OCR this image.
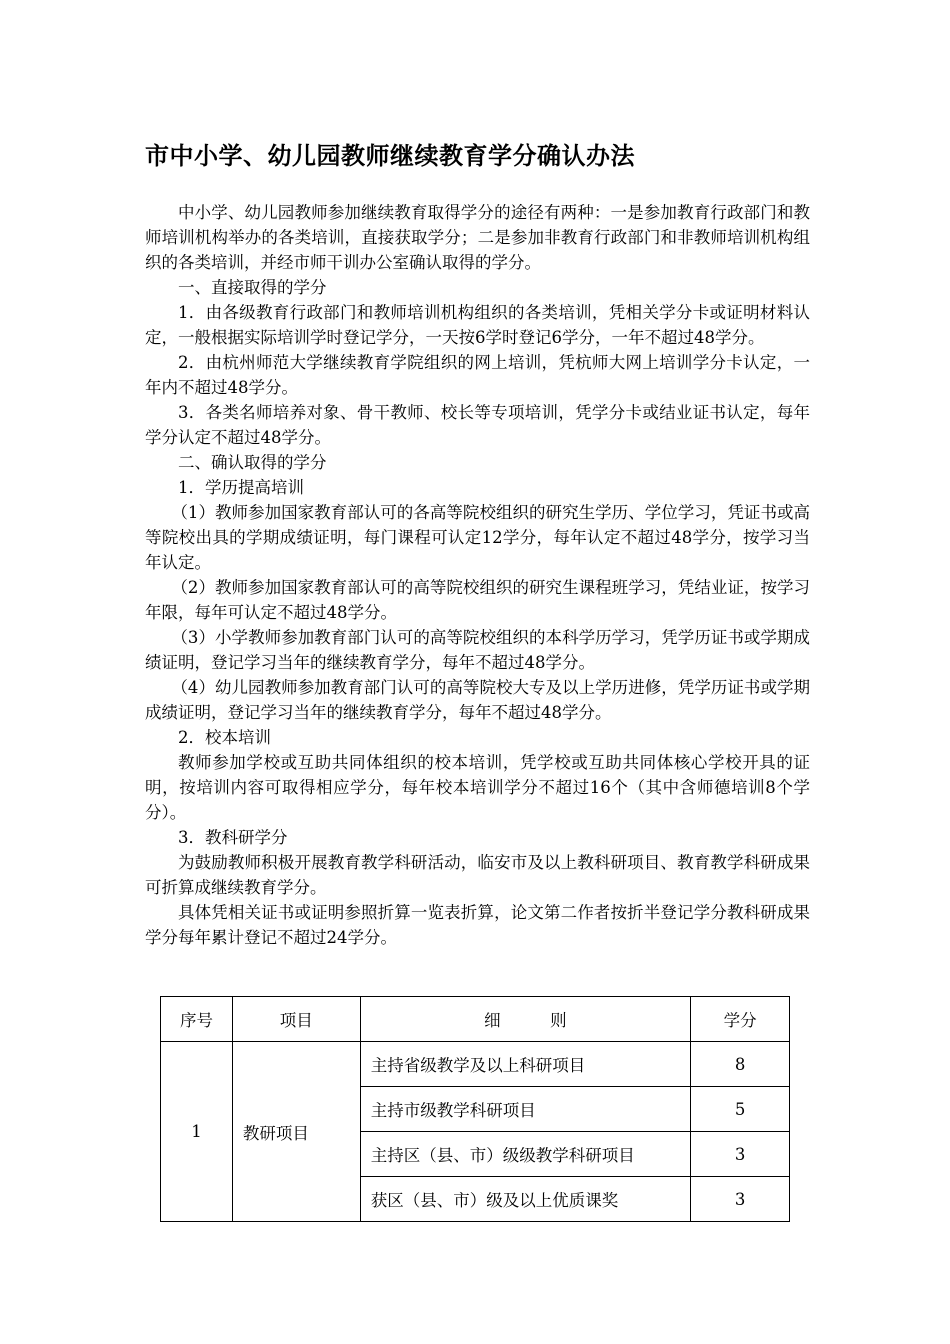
市中小学、幼儿园教师继续教育学分确认办法

中小学、幼儿园教师参加继续教育取得学分的途径有两种：一是参加教育行政部门和教师培训机构举办的各类培训，直接获取学分；二是参加非教育行政部门和非教师培训机构组织的各类培训，并经市师干训办公室确认取得的学分。

一、直接取得的学分

1．由各级教育行政部门和教师培训机构组织的各类培训，凭相关学分卡或证明材料认定，一般根据实际培训学时登记学分，一天按6学时登记6学分，一年不超过48学分。

2．由杭州师范大学继续教育学院组织的网上培训，凭杭师大网上培训学分卡认定，一年内不超过48学分。

3．各类名师培养对象、骨干教师、校长等专项培训，凭学分卡或结业证书认定，每年学分认定不超过48学分。

二、确认取得的学分

1．学历提高培训

（1）教师参加国家教育部认可的各高等院校组织的研究生学历、学位学习，凭证书或高等院校出具的学期成绩证明，每门课程可认定12学分，每年认定不超过48学分，按学习当年认定。

（2）教师参加国家教育部认可的高等院校组织的研究生课程班学习，凭结业证，按学习年限，每年可认定不超过48学分。

（3）小学教师参加教育部门认可的高等院校组织的本科学历学习，凭学历证书或学期成绩证明，登记学习当年的继续教育学分，每年不超过48学分。

（4）幼儿园教师参加教育部门认可的高等院校大专及以上学历进修，凭学历证书或学期成绩证明，登记学习当年的继续教育学分，每年不超过48学分。

2．校本培训

教师参加学校或互助共同体组织的校本培训，凭学校或互助共同体核心学校开具的证明，按培训内容可取得相应学分，每年校本培训学分不超过16个（其中含师德培训8个学分）。

3．教科研学分

为鼓励教师积极开展教育教学科研活动，临安市及以上教科研项目、教育教学科研成果可折算成继续教育学分。

具体凭相关证书或证明参照折算一览表折算，论文第二作者按折半登记学分教科研成果学分每年累计登记不超过24学分。

序号	项目	细　　　则	学分
1	教研项目	主持省级教学及以上科研项目	8
		主持市级教学科研项目	5
		主持区（县、市）级级教学科研项目	3
		获区（县、市）级及以上优质课奖	3
